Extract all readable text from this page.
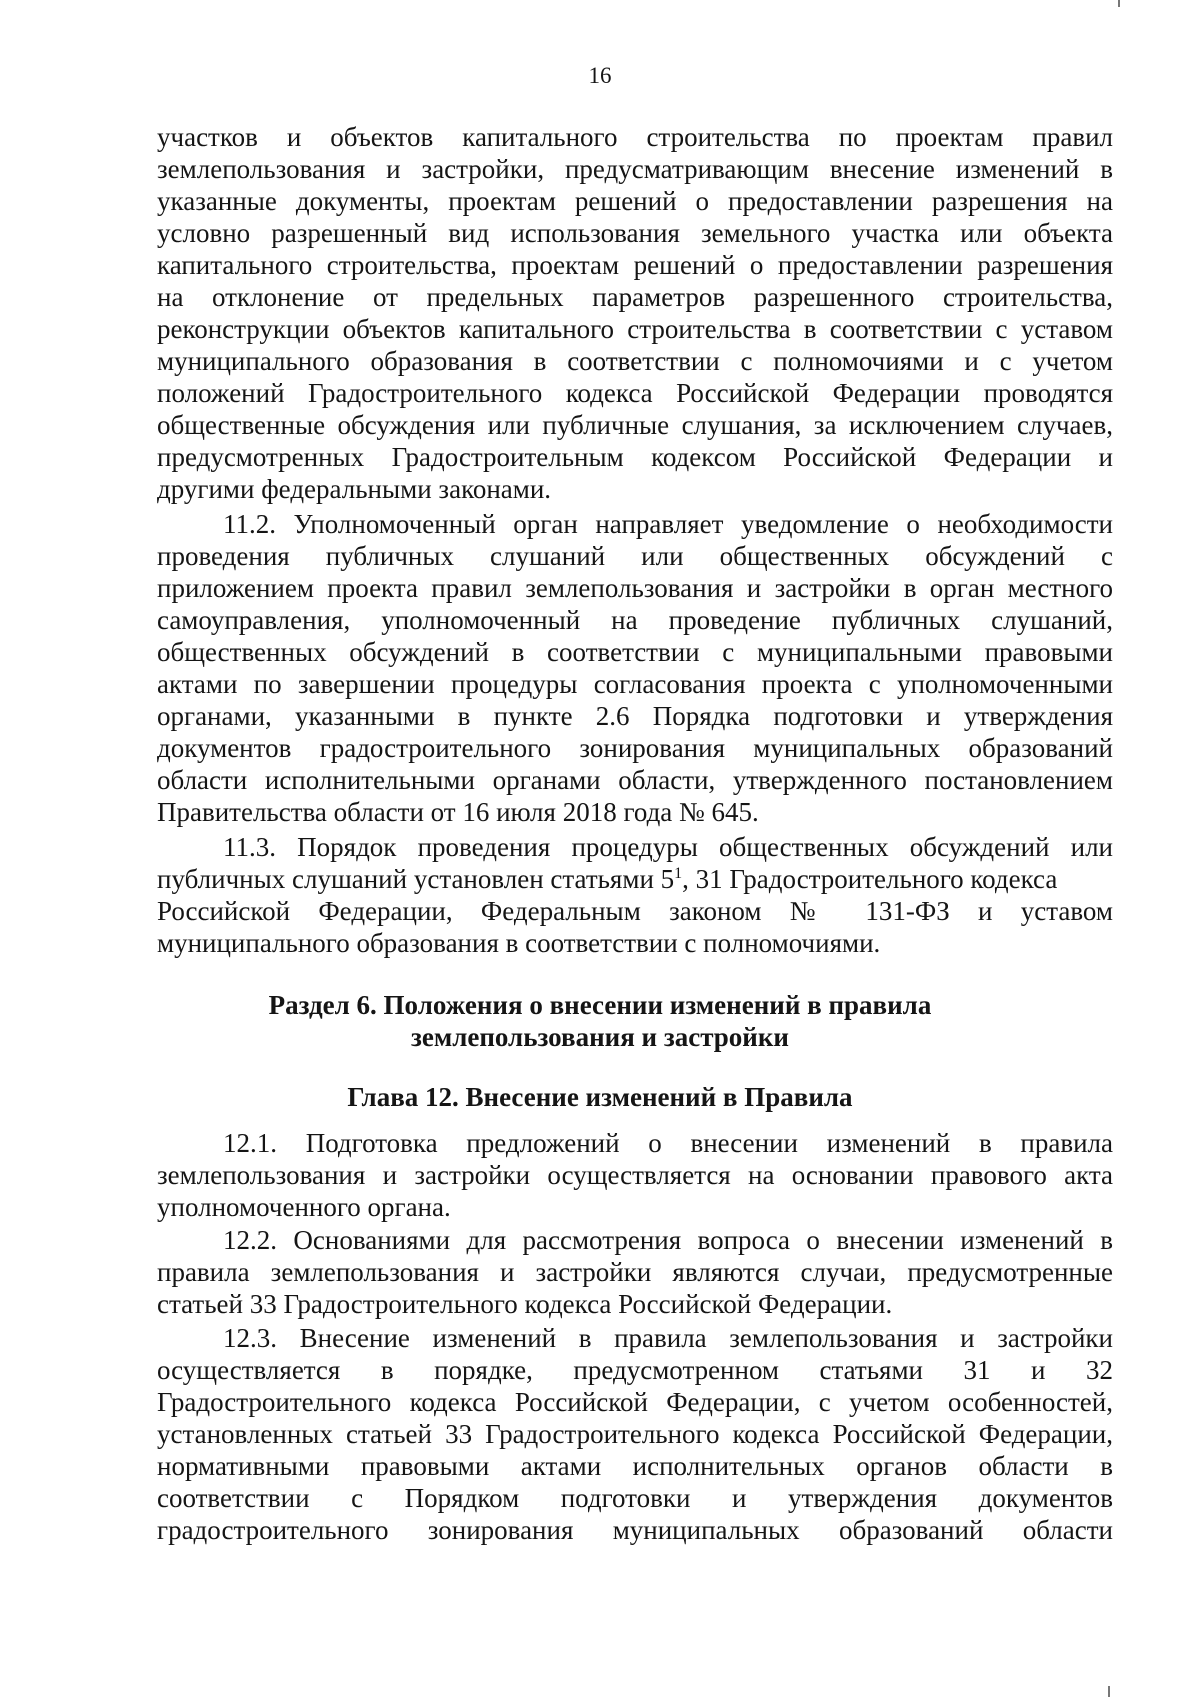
16
участков и объектов капитального строительства по проектам правил
землепользования и застройки, предусматривающим внесение изменений в
указанные документы, проектам решений о предоставлении разрешения на
условно разрешенный вид использования земельного участка или объекта
капитального строительства, проектам решений о предоставлении разрешения
на отклонение от предельных параметров разрешенного строительства,
реконструкции объектов капитального строительства в соответствии с уставом
муниципального образования в соответствии с полномочиями и с учетом
положений Градостроительного кодекса Российской Федерации проводятся
общественные обсуждения или публичные слушания, за исключением случаев,
предусмотренных Градостроительным кодексом Российской Федерации и
другими федеральными законами.
11.2. Уполномоченный орган направляет уведомление о необходимости
проведения публичных слушаний или общественных обсуждений с
приложением проекта правил землепользования и застройки в орган местного
самоуправления, уполномоченный на проведение публичных слушаний,
общественных обсуждений в соответствии с муниципальными правовыми
актами по завершении процедуры согласования проекта с уполномоченными
органами, указанными в пункте 2.6 Порядка подготовки и утверждения
документов градостроительного зонирования муниципальных образований
области исполнительными органами области, утвержденного постановлением
Правительства области от 16 июля 2018 года № 645.
11.3. Порядок проведения процедуры общественных обсуждений или
публичных слушаний установлен статьями $5^1$, 31 Градостроительного кодекса
Российской Федерации, Федеральным законом № 131-ФЗ и уставом
муниципального образования в соответствии с полномочиями.
Раздел 6. Положения о внесении изменений в правила
землепользования и застройки
Глава 12. Внесение изменений в Правила
12.1. Подготовка предложений о внесении изменений в правила
землепользования и застройки осуществляется на основании правового акта
уполномоченного органа.
12.2. Основаниями для рассмотрения вопроса о внесении изменений в
правила землепользования и застройки являются случаи, предусмотренные
статьей 33 Градостроительного кодекса Российской Федерации.
12.3. Внесение изменений в правила землепользования и застройки
осуществляется в порядке, предусмотренном статьями 31 и 32
Градостроительного кодекса Российской Федерации, с учетом особенностей,
установленных статьей 33 Градостроительного кодекса Российской Федерации,
нормативными правовыми актами исполнительных органов области в
соответствии с Порядком подготовки и утверждения документов
градостроительного зонирования муниципальных образований области
